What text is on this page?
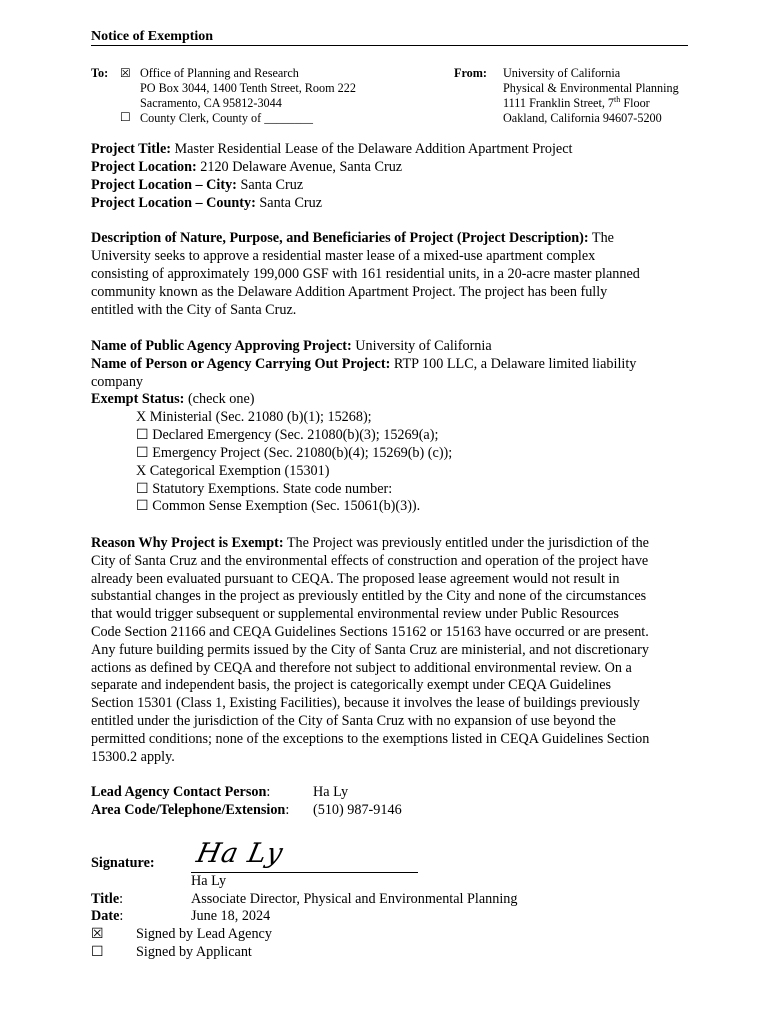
Notice of Exemption
To: ☒ Office of Planning and Research
PO Box 3044, 1400 Tenth Street, Room 222
Sacramento, CA 95812-3044
☐ County Clerk, County of ________
From: University of California
Physical & Environmental Planning
1111 Franklin Street, 7th Floor
Oakland, California 94607-5200
Project Title: Master Residential Lease of the Delaware Addition Apartment Project
Project Location: 2120 Delaware Avenue, Santa Cruz
Project Location – City: Santa Cruz
Project Location – County: Santa Cruz
Description of Nature, Purpose, and Beneficiaries of Project (Project Description): The
University seeks to approve a residential master lease of a mixed-use apartment complex
consisting of approximately 199,000 GSF with 161 residential units, in a 20-acre master planned
community known as the Delaware Addition Apartment Project. The project has been fully
entitled with the City of Santa Cruz.
Name of Public Agency Approving Project: University of California
Name of Person or Agency Carrying Out Project: RTP 100 LLC, a Delaware limited liability
company
Exempt Status: (check one)
X Ministerial (Sec. 21080 (b)(1); 15268);
☐ Declared Emergency (Sec. 21080(b)(3); 15269(a);
☐ Emergency Project (Sec. 21080(b)(4); 15269(b) (c));
X Categorical Exemption (15301)
☐ Statutory Exemptions. State code number:
☐ Common Sense Exemption (Sec. 15061(b)(3)).
Reason Why Project is Exempt: The Project was previously entitled under the jurisdiction of the
City of Santa Cruz and the environmental effects of construction and operation of the project have
already been evaluated pursuant to CEQA. The proposed lease agreement would not result in
substantial changes in the project as previously entitled by the City and none of the circumstances
that would trigger subsequent or supplemental environmental review under Public Resources
Code Section 21166 and CEQA Guidelines Sections 15162 or 15163 have occurred or are present.
Any future building permits issued by the City of Santa Cruz are ministerial, and not discretionary
actions as defined by CEQA and therefore not subject to additional environmental review. On a
separate and independent basis, the project is categorically exempt under CEQA Guidelines
Section 15301 (Class 1, Existing Facilities), because it involves the lease of buildings previously
entitled under the jurisdiction of the City of Santa Cruz with no expansion of use beyond the
permitted conditions; none of the exceptions to the exemptions listed in CEQA Guidelines Section
15300.2 apply.
Lead Agency Contact Person:	Ha Ly
Area Code/Telephone/Extension: (510) 987-9146
Signature: Ha Ly
Ha Ly
Title:	Associate Director, Physical and Environmental Planning
Date:	June 18, 2024
☒ Signed by Lead Agency
☐ Signed by Applicant
